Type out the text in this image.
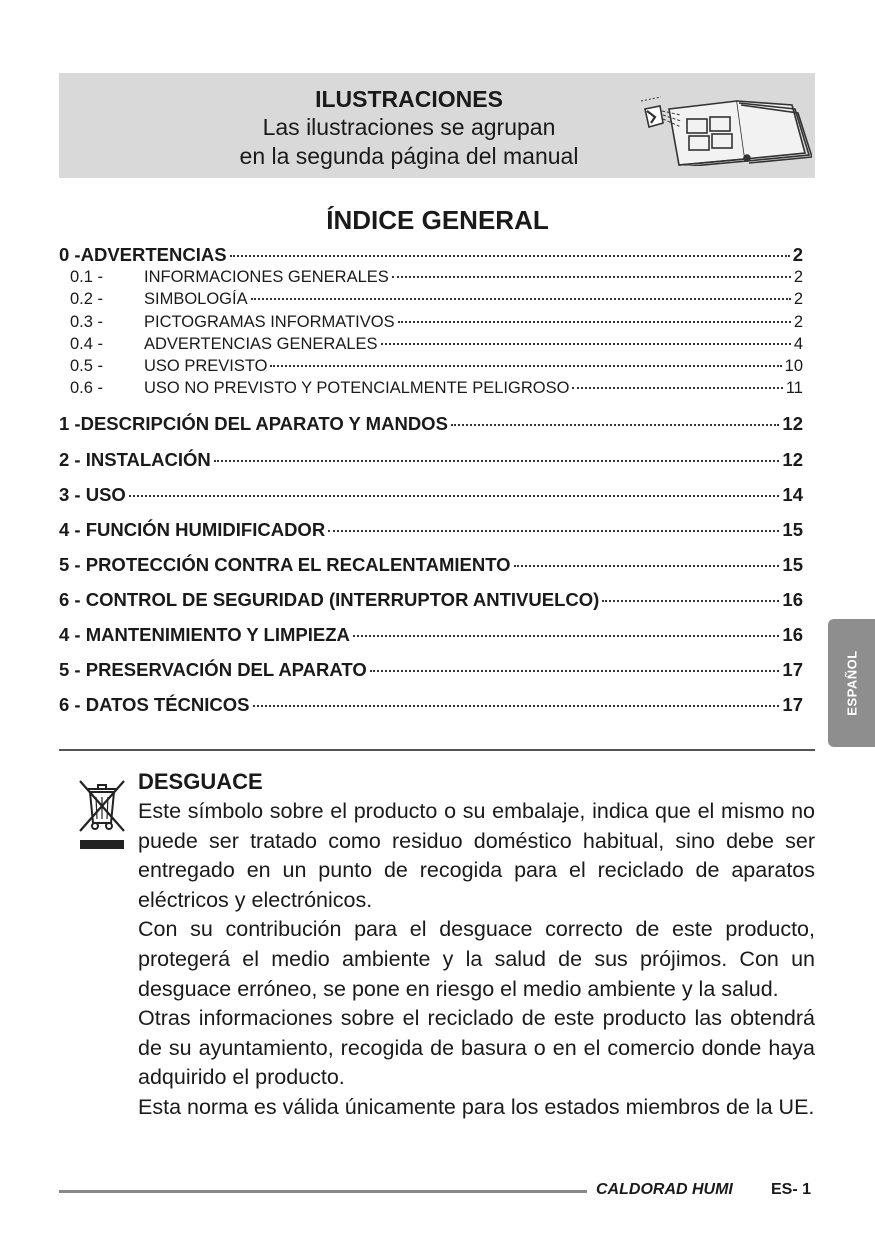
ILUSTRACIONES
Las ilustraciones se agrupan
en la segunda página del manual
ÍNDICE GENERAL
0 -ADVERTENCIAS	2
0.1 -	INFORMACIONES GENERALES	2
0.2 -	SIMBOLOGÍA	2
0.3 -	PICTOGRAMAS INFORMATIVOS	2
0.4 -	ADVERTENCIAS GENERALES	4
0.5 -	USO PREVISTO	10
0.6 -	USO NO PREVISTO Y POTENCIALMENTE PELIGROSO	11
1 -DESCRIPCIÓN DEL APARATO Y MANDOS	12
2 - INSTALACIÓN	12
3 - USO	14
4 - FUNCIÓN HUMIDIFICADOR	15
5 - PROTECCIÓN CONTRA EL RECALENTAMIENTO	15
6 - CONTROL DE SEGURIDAD (INTERRUPTOR ANTIVUELCO)	16
4 - MANTENIMIENTO Y LIMPIEZA	16
5 - PRESERVACIÓN DEL APARATO	17
6 - DATOS TÉCNICOS	17	ESPAÑOL
DESGUACE

Este símbolo sobre el producto o su embalaje, indica que el mismo no puede ser tratado como residuo doméstico habitual, sino debe ser entregado en un punto de recogida para el reciclado de aparatos eléctricos y electrónicos.

Con su contribución para el desguace correcto de este producto, protegerá el medio ambiente y la salud de sus prójimos. Con un desguace erróneo, se pone en riesgo el medio ambiente y la salud.

Otras informaciones sobre el reciclado de este producto las obtendrá de su ayuntamiento, recogida de basura o en el comercio donde haya adquirido el producto.

Esta norma es válida únicamente para los estados miembros de la UE.

CALDORAD HUMI ES- 1
